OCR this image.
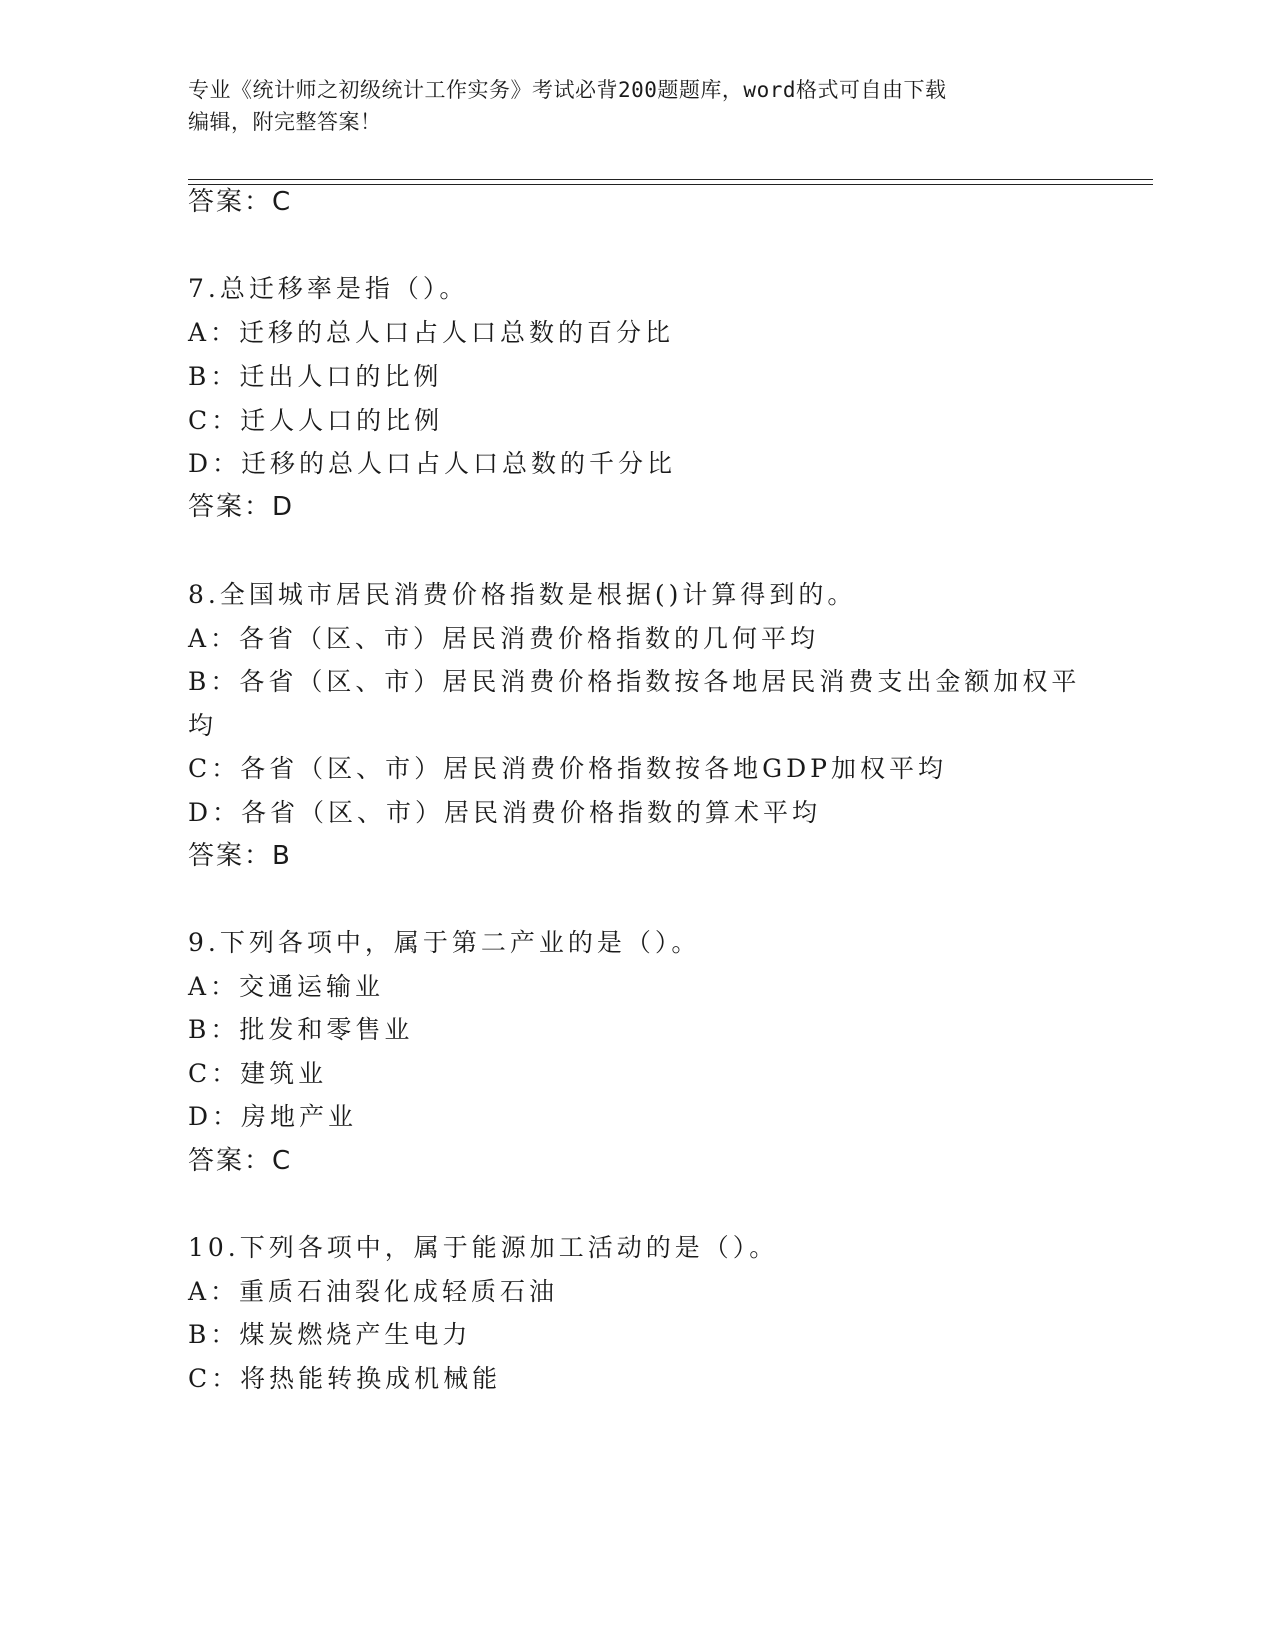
专业《统计师之初级统计工作实务》考试必背200题题库，word格式可自由下载
编辑，附完整答案！
答案：C
7.总迁移率是指（）。
A：迁移的总人口占人口总数的百分比
B：迁出人口的比例
C：迁人人口的比例
D：迁移的总人口占人口总数的千分比
答案：D
8.全国城市居民消费价格指数是根据()计算得到的。
A：各省（区、市）居民消费价格指数的几何平均
B：各省（区、市）居民消费价格指数按各地居民消费支出金额加权平
均
C：各省（区、市）居民消费价格指数按各地GDP加权平均
D：各省（区、市）居民消费价格指数的算术平均
答案：B
9.下列各项中，属于第二产业的是（）。
A：交通运输业
B：批发和零售业
C：建筑业
D：房地产业
答案：C
10.下列各项中，属于能源加工活动的是（）。
A：重质石油裂化成轻质石油
B：煤炭燃烧产生电力
C：将热能转换成机械能
